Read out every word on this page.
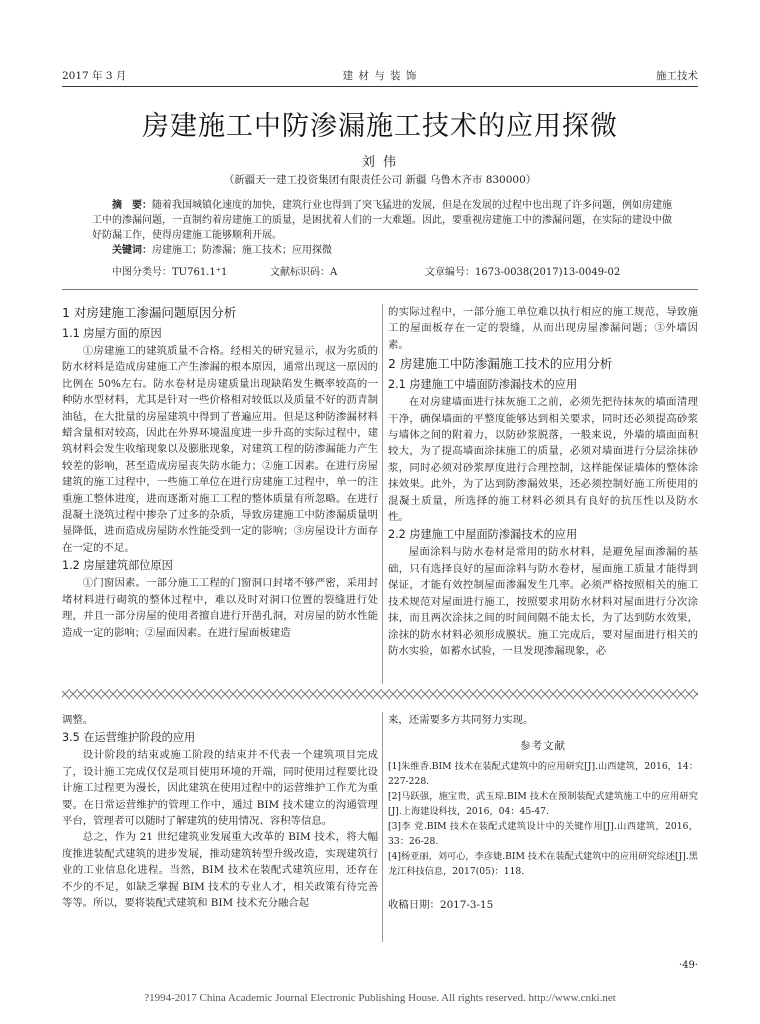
2017 年 3 月	建 材 与 装 饰	施工技术
房建施工中防渗漏施工技术的应用探微
刘 伟
（新疆天一建工投资集团有限责任公司 新疆 乌鲁木齐市 830000）
摘　要：随着我国城镇化速度的加快，建筑行业也得到了突飞猛进的发展，但是在发展的过程中也出现了许多问题，例如房建施工中的渗漏问题，一直制约着房建施工的质量，是困扰着人们的一大难题。因此，要重视房建施工中的渗漏问题，在实际的建设中做好防漏工作，使得房建施工能够顺利开展。
关键词：房建施工；防渗漏；施工技术；应用探微
中图分类号：TU761.1⁺1	文献标识码：A	文章编号：1673-0038(2017)13-0049-02
1 对房建施工渗漏问题原因分析
1.1 房屋方面的原因

①房建施工的建筑质量不合格。经相关的研究显示，叔为劣质的防水材料是造成房建施工产生渗漏的根本原因，通常出现这一原因的比例在 50%左右。防水卷材是房建质量出现缺陷发生概率较高的一种防水型材料，尤其是针对一些价格相对较低以及质量不好的沥青制油毡，在大批量的房屋建筑中得到了普遍应用。但是这种防渗漏材料蜡含量相对较高，因此在外界环境温度进一步升高的实际过程中，建筑材料会发生收缩现象以及膨胀现象，对建筑工程的防渗漏能力产生较差的影响，甚至造成房屋丧失防水能力；②施工因素。在进行房屋建筑的施工过程中，一些施工单位在进行房建施工过程中，单一的注重施工整体进度，进而逐渐对施工工程的整体质量有所忽略。在进行混凝土浇筑过程中掺杂了过多的杂质，导致房建施工中防渗漏质量明显降低，进而造成房屋防水性能受到一定的影响；③房屋设计方面存在一定的不足。

1.2 房屋建筑部位原因

①门窗因素。一部分施工工程的门窗洞口封堵不够严密，采用封堵材料进行砌筑的整体过程中，难以及时对洞口位置的裂缝进行处理，并且一部分房屋的使用者擅自进行开凿孔洞，对房屋的防水性能造成一定的影响；②屋面因素。在进行屋面板建造

的实际过程中，一部分施工单位难以执行相应的施工规范，导致施工的屋面板存在一定的裂缝，从而出现房屋渗漏问题；③外墙因素。

2 房建施工中防渗漏施工技术的应用分析
2.1 房建施工中墙面防渗漏技术的应用

在对房建墙面进行抹灰施工之前，必须先把待抹灰的墙面清理干净，确保墙面的平整度能够达到相关要求，同时还必须提高砂浆与墙体之间的附着力，以防砂浆脱落，一般来说，外墙的墙面面积较大，为了提高墙面涂抹施工的质量，必须对墙面进行分层涂抹砂浆，同时必须对砂浆厚度进行合理控制，这样能保证墙体的整体涂抹效果。此外，为了达到防渗漏效果，还必须控制好施工所使用的混凝土质量，所选择的施工材料必须具有良好的抗压性以及防水性。

2.2 房建施工中屋面防渗漏技术的应用

屋面涂料与防水卷材是常用的防水材料，是避免屋面渗漏的基础，只有选择良好的屋面涂料与防水卷材，屋面施工质量才能得到保证，才能有效控制屋面渗漏发生几率。必须严格按照相关的施工技术规范对屋面进行施工，按照要求用防水材料对屋面进行分次涂抹，而且两次涂抹之间的时间间隔不能太长，为了达到防水效果，涂抹的防水材料必须形成膜状。施工完成后，要对屋面进行相关的防水实验，如蓄水试验，一旦发现渗漏现象，必

调整。

3.5 在运营维护阶段的应用

设计阶段的结束或施工阶段的结束并不代表一个建筑项目完成了，设计施工完成仅仅是项目使用环境的开端，同时使用过程要比设计施工过程更为漫长，因此建筑在使用过程中的运营维护工作尤为重要。在日常运营维护的管理工作中，通过 BIM 技术建立的沟通管理平台，管理者可以随时了解建筑的使用情况、容积等信息。

总之，作为 21 世纪建筑业发展重大改革的 BIM 技术，将大幅度推进装配式建筑的进步发展，推动建筑转型升级改造，实现建筑行业的工业信息化进程。当然，BIM 技术在装配式建筑应用，还存在不少的不足，如缺乏掌握 BIM 技术的专业人才，相关政策有待完善等等。所以，要将装配式建筑和 BIM 技术充分融合起

来，还需要多方共同努力实现。

参考文献
[1]朱维香.BIM 技术在装配式建筑中的应用研究[J].山西建筑，2016，14：227-228.
[2]马跃强，施宝贵，武玉琼.BIM 技术在预制装配式建筑施工中的应用研究[J].上海建设科技，2016，04：45-47.
[3]李 党.BIM 技术在装配式建筑设计中的关键作用[J].山西建筑，2016，33：26-28.
[4]杨亚丽，刘可心，李彦婕.BIM 技术在装配式建筑中的应用研究综述[J].黑龙江科技信息，2017(05)：118.
收稿日期：2017-3-15
·49·
?1994-2017 China Academic Journal Electronic Publishing House. All rights reserved. http://www.cnki.net
